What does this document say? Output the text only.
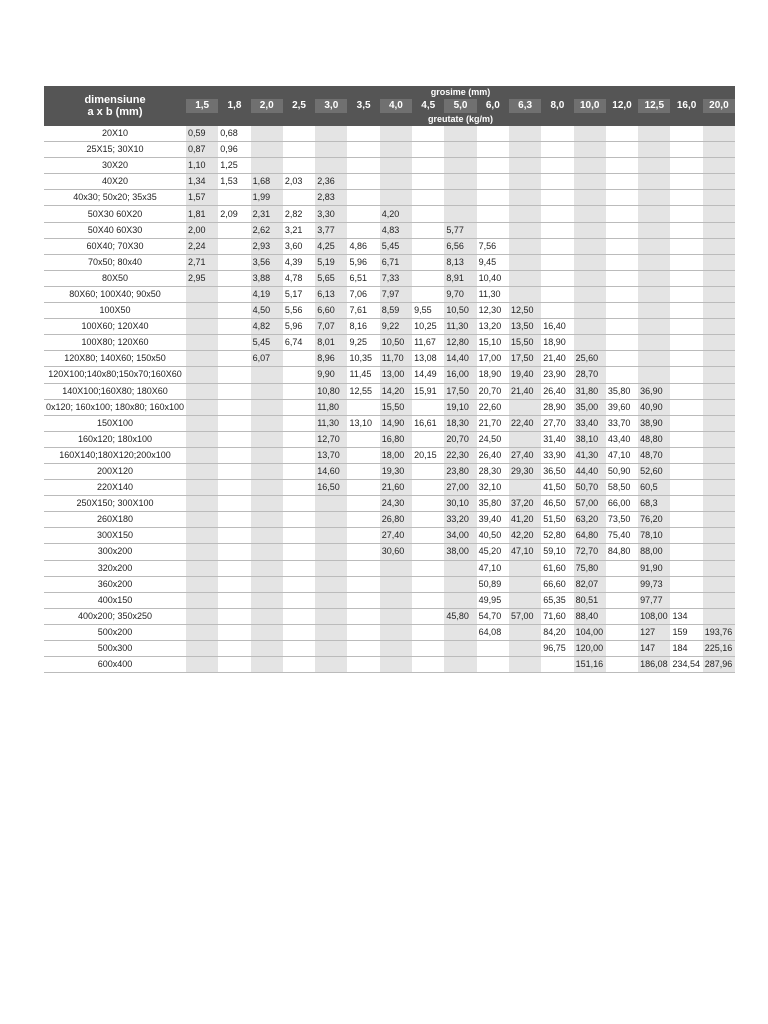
dimensiune
a x b (mm)	grosime (mm)																
	1,5	1,8	2,0	2,5	3,0	3,5	4,0	4,5	5,0	6,0	6,3	8,0	10,0	12,0	12,5	16,0	20,0
	greutate (kg/m)																
20X10	0,59	0,68															
25X15; 30X10	0,87	0,96															
30X20	1,10	1,25															
40X20	1,34	1,53	1,68	2,03	2,36												
40x30; 50x20; 35x35	1,57		1,99		2,83												
50X30 60X20	1,81	2,09	2,31	2,82	3,30		4,20										
50X40 60X30	2,00		2,62	3,21	3,77		4,83		5,77								
60X40; 70X30	2,24		2,93	3,60	4,25	4,86	5,45		6,56	7,56							
70x50; 80x40	2,71		3,56	4,39	5,19	5,96	6,71		8,13	9,45							
80X50	2,95		3,88	4,78	5,65	6,51	7,33		8,91	10,40							
80X60; 100X40; 90x50			4,19	5,17	6,13	7,06	7,97		9,70	11,30							
100X50			4,50	5,56	6,60	7,61	8,59	9,55	10,50	12,30	12,50						
100X60; 120X40			4,82	5,96	7,07	8,16	9,22	10,25	11,30	13,20	13,50	16,40					
100X80; 120X60			5,45	6,74	8,01	9,25	10,50	11,67	12,80	15,10	15,50	18,90					
120X80; 140X60; 150x50			6,07		8,96	10,35	11,70	13,08	14,40	17,00	17,50	21,40	25,60				
120X100;140x80;150x70;160X60					9,90	11,45	13,00	14,49	16,00	18,90	19,40	23,90	28,70				
140X100;160X80; 180X60					10,80	12,55	14,20	15,91	17,50	20,70	21,40	26,40	31,80	35,80	36,90		
0x120; 160x100; 180x80; 160x100					11,80		15,50		19,10	22,60		28,90	35,00	39,60	40,90		
150X100					11,30	13,10	14,90	16,61	18,30	21,70	22,40	27,70	33,40	33,70	38,90		
160x120; 180x100					12,70		16,80		20,70	24,50		31,40	38,10	43,40	48,80		
160X140;180X120;200x100					13,70		18,00	20,15	22,30	26,40	27,40	33,90	41,30	47,10	48,70		
200X120					14,60		19,30		23,80	28,30	29,30	36,50	44,40	50,90	52,60		
220X140					16,50		21,60		27,00	32,10		41,50	50,70	58,50	60,5		
250X150; 300X100							24,30		30,10	35,80	37,20	46,50	57,00	66,00	68,3		
260X180							26,80		33,20	39,40	41,20	51,50	63,20	73,50	76,20		
300X150							27,40		34,00	40,50	42,20	52,80	64,80	75,40	78,10		
300x200							30,60		38,00	45,20	47,10	59,10	72,70	84,80	88,00		
320x200										47,10		61,60	75,80		91,90		
360x200										50,89		66,60	82,07		99,73		
400x150										49,95		65,35	80,51		97,77		
400x200; 350x250									45,80	54,70	57,00	71,60	88,40		108,00	134	
500x200										64,08		84,20	104,00		127	159	193,76
500x300												96,75	120,00		147	184	225,16
600x400													151,16		186,08	234,54	287,96
